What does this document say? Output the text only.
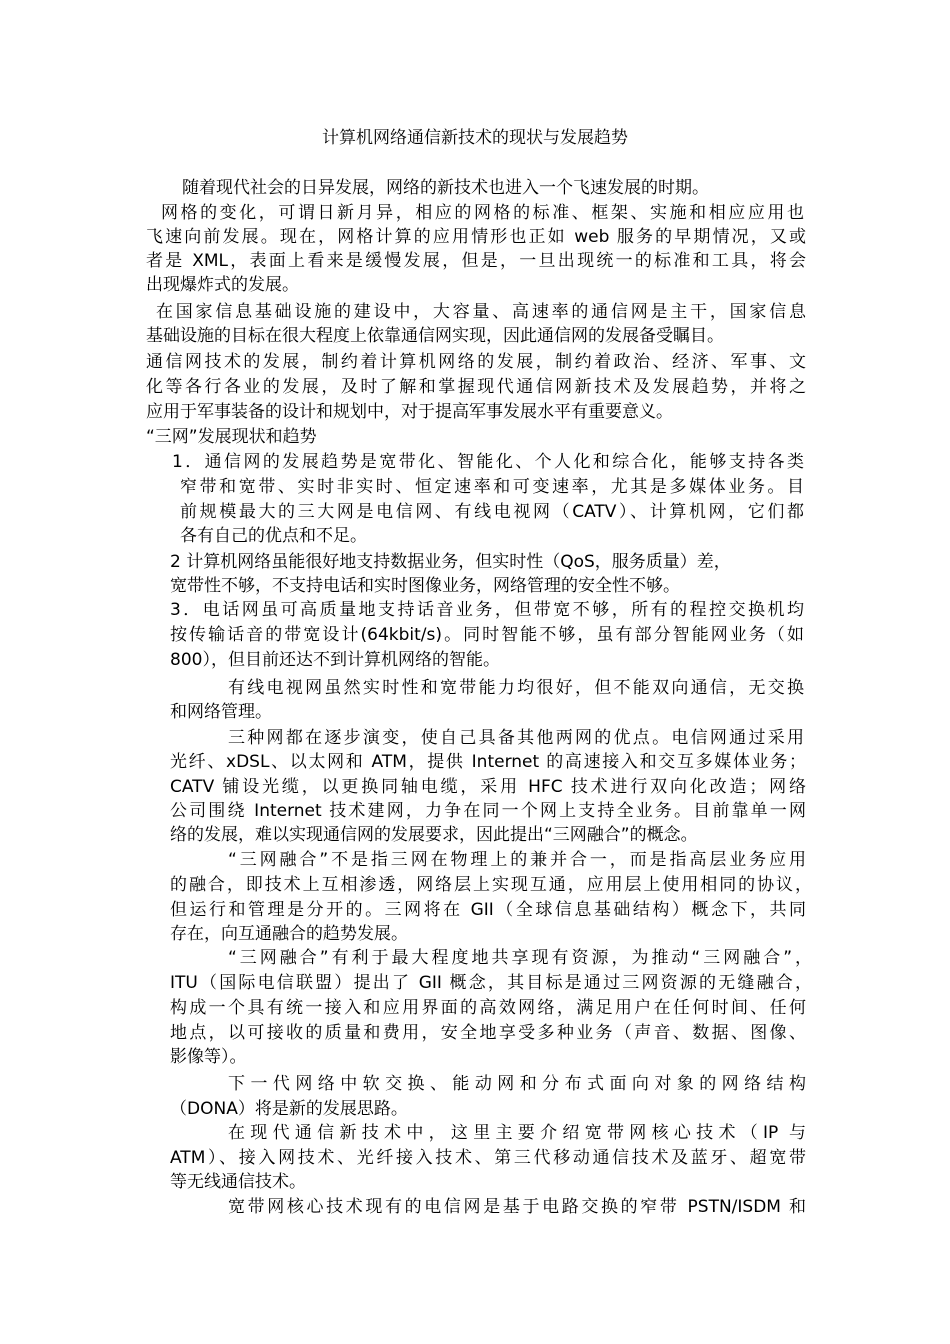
计算机网络通信新技术的现状与发展趋势
随着现代社会的日异发展，网络的新技术也进入一个飞速发展的时期。
网格的变化，可谓日新月异，相应的网格的标准、框架、实施和相应应用也
飞速向前发展。现在，网格计算的应用情形也正如 web 服务的早期情况，又或
者是 XML，表面上看来是缓慢发展，但是，一旦出现统一的标准和工具，将会
出现爆炸式的发展。
在国家信息基础设施的建设中，大容量、高速率的通信网是主干，国家信息
基础设施的目标在很大程度上依靠通信网实现，因此通信网的发展备受瞩目。
通信网技术的发展，制约着计算机网络的发展，制约着政治、经济、军事、文
化等各行各业的发展，及时了解和掌握现代通信网新技术及发展趋势，并将之
应用于军事装备的设计和规划中，对于提高军事发展水平有重要意义。
“三网”发展现状和趋势
1．通信网的发展趋势是宽带化、智能化、个人化和综合化，能够支持各类
窄带和宽带、实时非实时、恒定速率和可变速率，尤其是多媒体业务。目
前规模最大的三大网是电信网、有线电视网（CATV）、计算机网，它们都
各有自己的优点和不足。
2 计算机网络虽能很好地支持数据业务，但实时性（QoS，服务质量）差，
宽带性不够，不支持电话和实时图像业务，网络管理的安全性不够。
3．电话网虽可高质量地支持话音业务，但带宽不够，所有的程控交换机均
按传输话音的带宽设计(64kbit/s)。同时智能不够，虽有部分智能网业务（如
800），但目前还达不到计算机网络的智能。
有线电视网虽然实时性和宽带能力均很好，但不能双向通信，无交换
和网络管理。
三种网都在逐步演变，使自己具备其他两网的优点。电信网通过采用
光纤、xDSL、以太网和 ATM，提供 Internet 的高速接入和交互多媒体业务；
CATV 铺设光缆，以更换同轴电缆，采用 HFC 技术进行双向化改造；网络
公司围绕 Internet 技术建网，力争在同一个网上支持全业务。目前靠单一网
络的发展，难以实现通信网的发展要求，因此提出“三网融合”的概念。
“三网融合”不是指三网在物理上的兼并合一，而是指高层业务应用
的融合，即技术上互相渗透，网络层上实现互通，应用层上使用相同的协议，
但运行和管理是分开的。三网将在 GII（全球信息基础结构）概念下，共同
存在，向互通融合的趋势发展。
“三网融合”有利于最大程度地共享现有资源，为推动“三网融合”，
ITU（国际电信联盟）提出了 GII 概念，其目标是通过三网资源的无缝融合，
构成一个具有统一接入和应用界面的高效网络，满足用户在任何时间、任何
地点，以可接收的质量和费用，安全地享受多种业务（声音、数据、图像、
影像等）。
下一代网络中软交换、能动网和分布式面向对象的网络结构
（DONA）将是新的发展思路。
在现代通信新技术中，这里主要介绍宽带网核心技术（IP 与
ATM）、接入网技术、光纤接入技术、第三代移动通信技术及蓝牙、超宽带
等无线通信技术。
宽带网核心技术现有的电信网是基于电路交换的窄带 PSTN/ISDM 和
